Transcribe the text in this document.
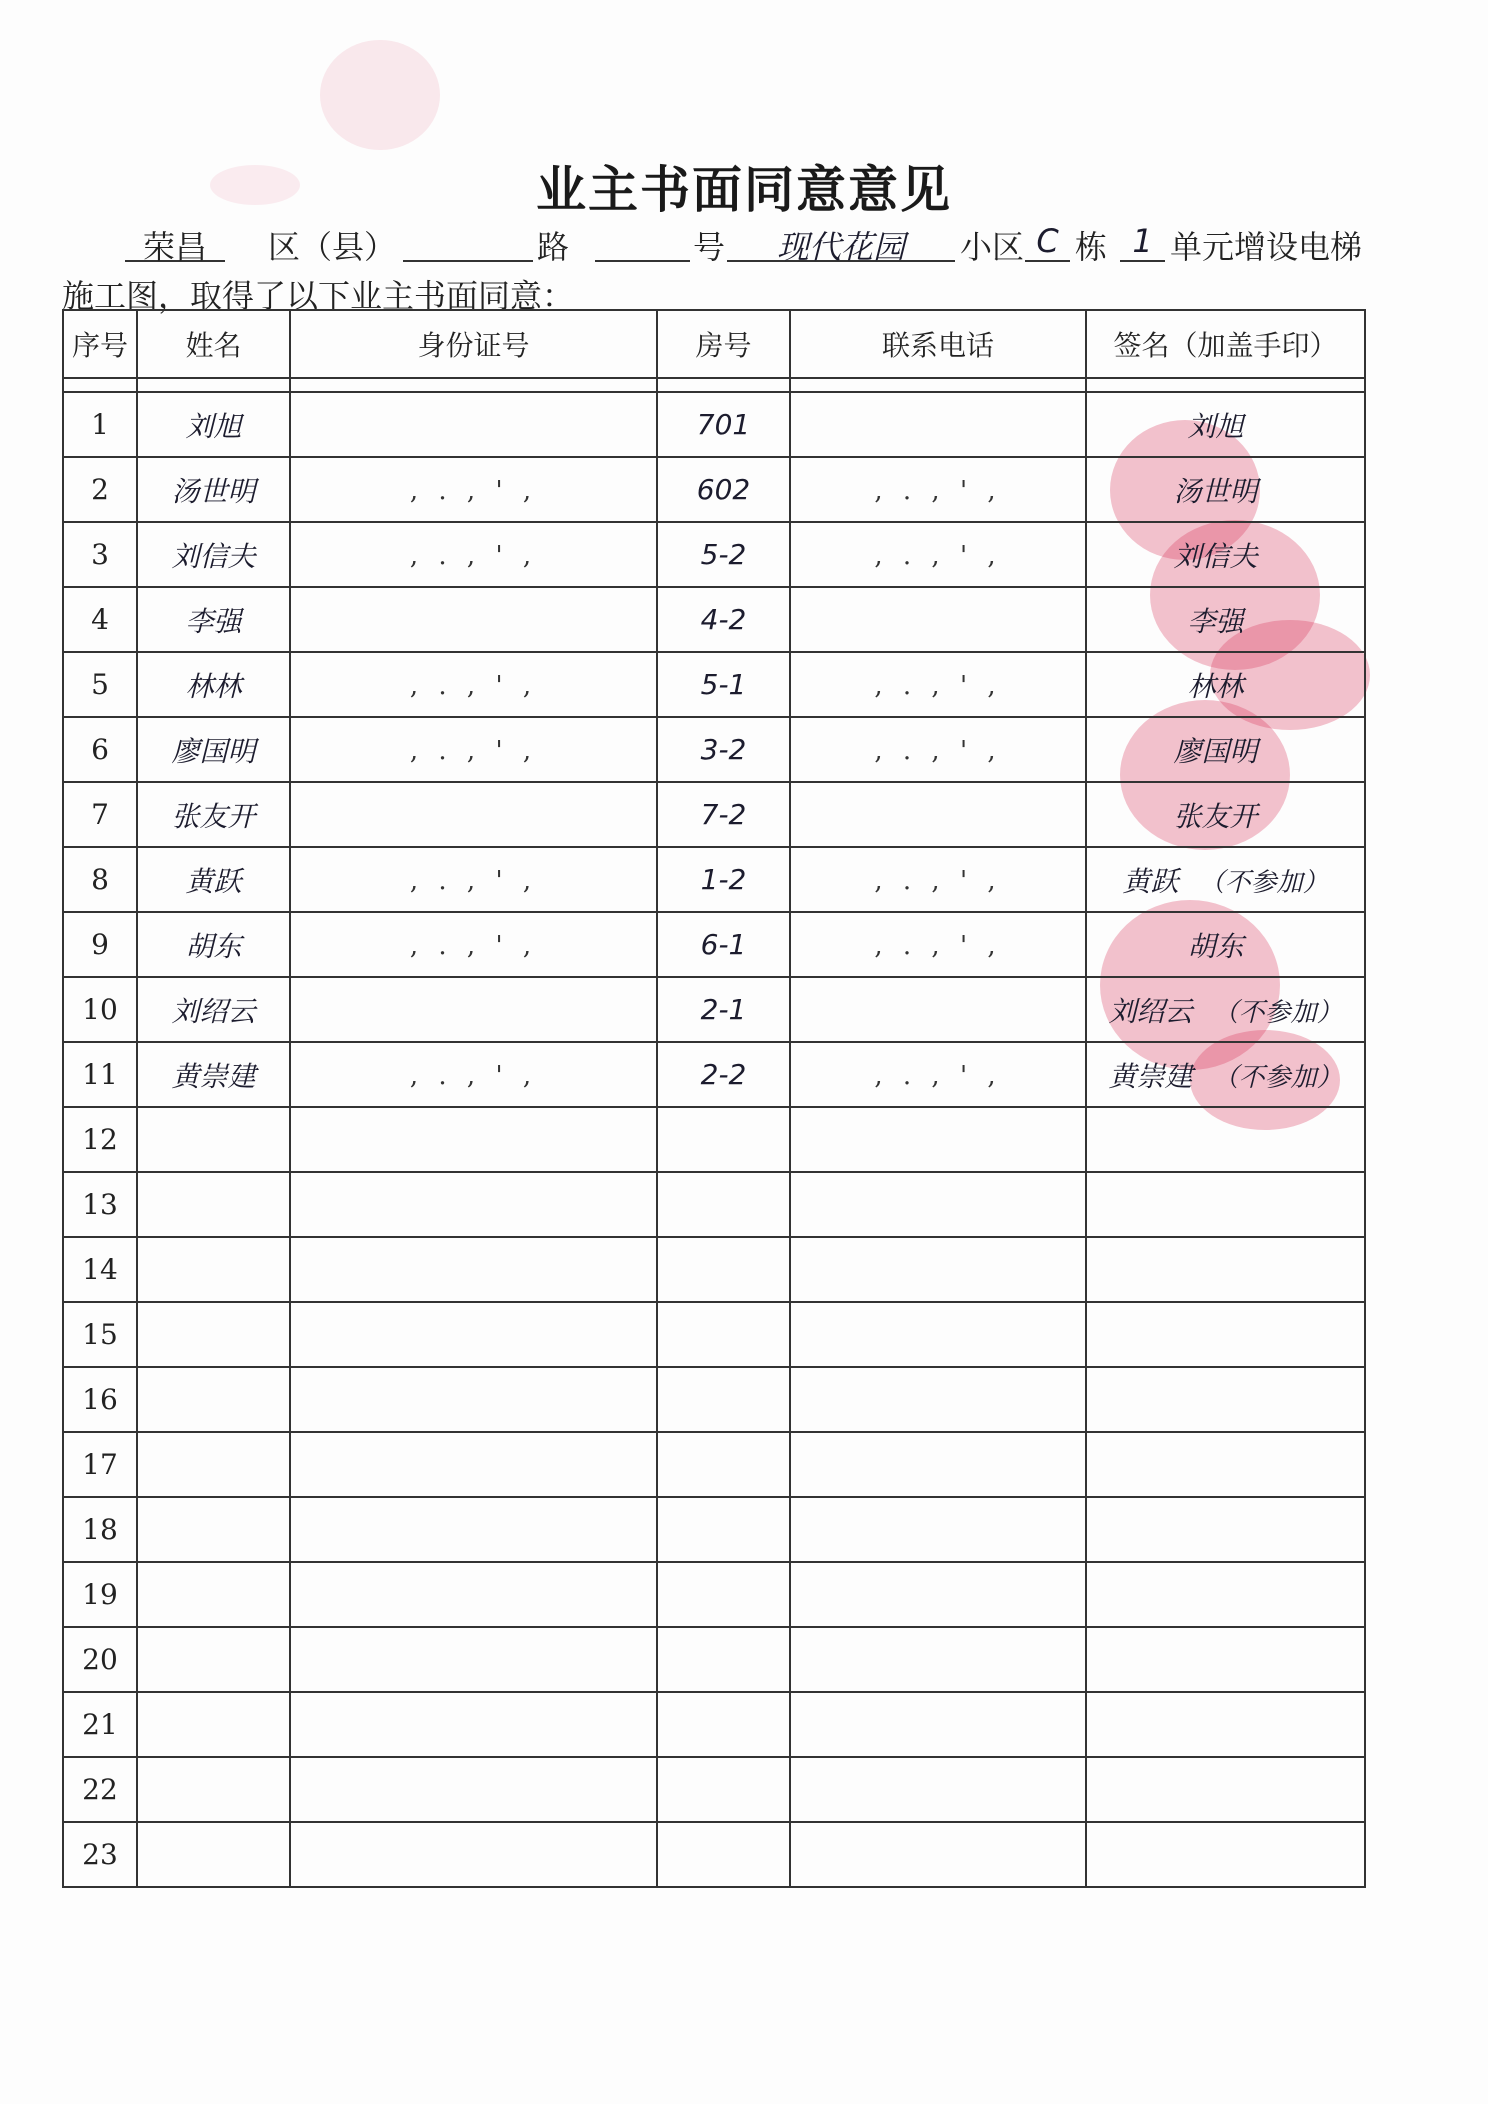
业主书面同意意见
荣昌	区（县）	路	号	现代花园	小区 C 栋 1 单元增设电梯
施工图，取得了以下业主书面同意：
序号	姓名	身份证号	房号	联系电话	签名（加盖手印）

1	刘旭		701		刘旭
2	汤世明	, . , ' ,	602	, . , ' ,	汤世明
3	刘信夫	, . , ' ,	5-2	, . , ' ,	刘信夫
4	李强		4-2		李强
5	林林	, . , ' ,	5-1	, . , ' ,	林林
6	廖国明	, . , ' ,	3-2	, . , ' ,	廖国明
7	张友开		7-2		张友开
8	黄跃	, . , ' ,	1-2	, . , ' ,	黄跃 （不参加）
9	胡东	, . , ' ,	6-1	, . , ' ,	胡东
10	刘绍云		2-1		刘绍云 （不参加）
11	黄崇建	, . , ' ,	2-2	, . , ' ,	黄崇建 （不参加）
12					
13					
14					
15					
16					
17					
18					
19					
20					
21					
22					
23					
